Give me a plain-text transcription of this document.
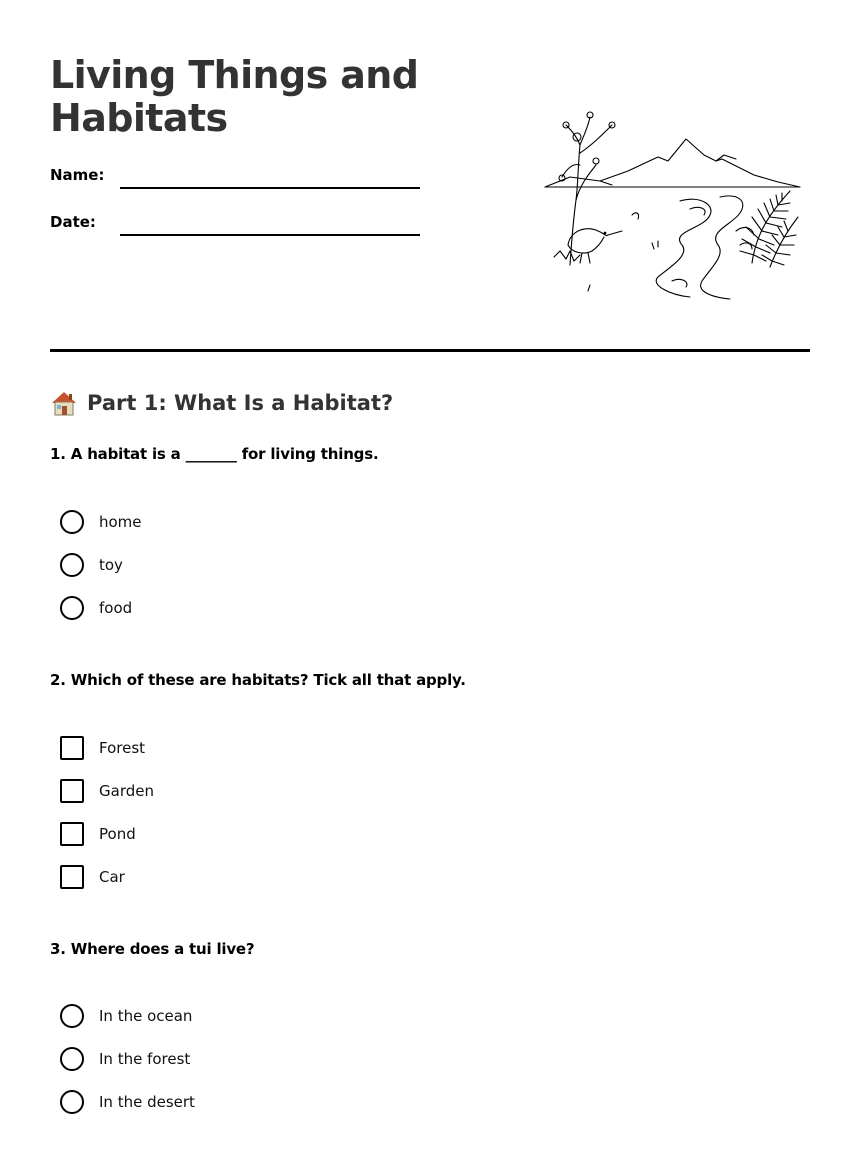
Living Things and Habitats
Name:
Date:
Part 1: What Is a Habitat?

1. A habitat is a _______ for living things.

home
toy
food

2. Which of these are habitats? Tick all that apply.

Forest
Garden
Pond
Car

3. Where does a tui live?

In the ocean
In the forest
In the desert
